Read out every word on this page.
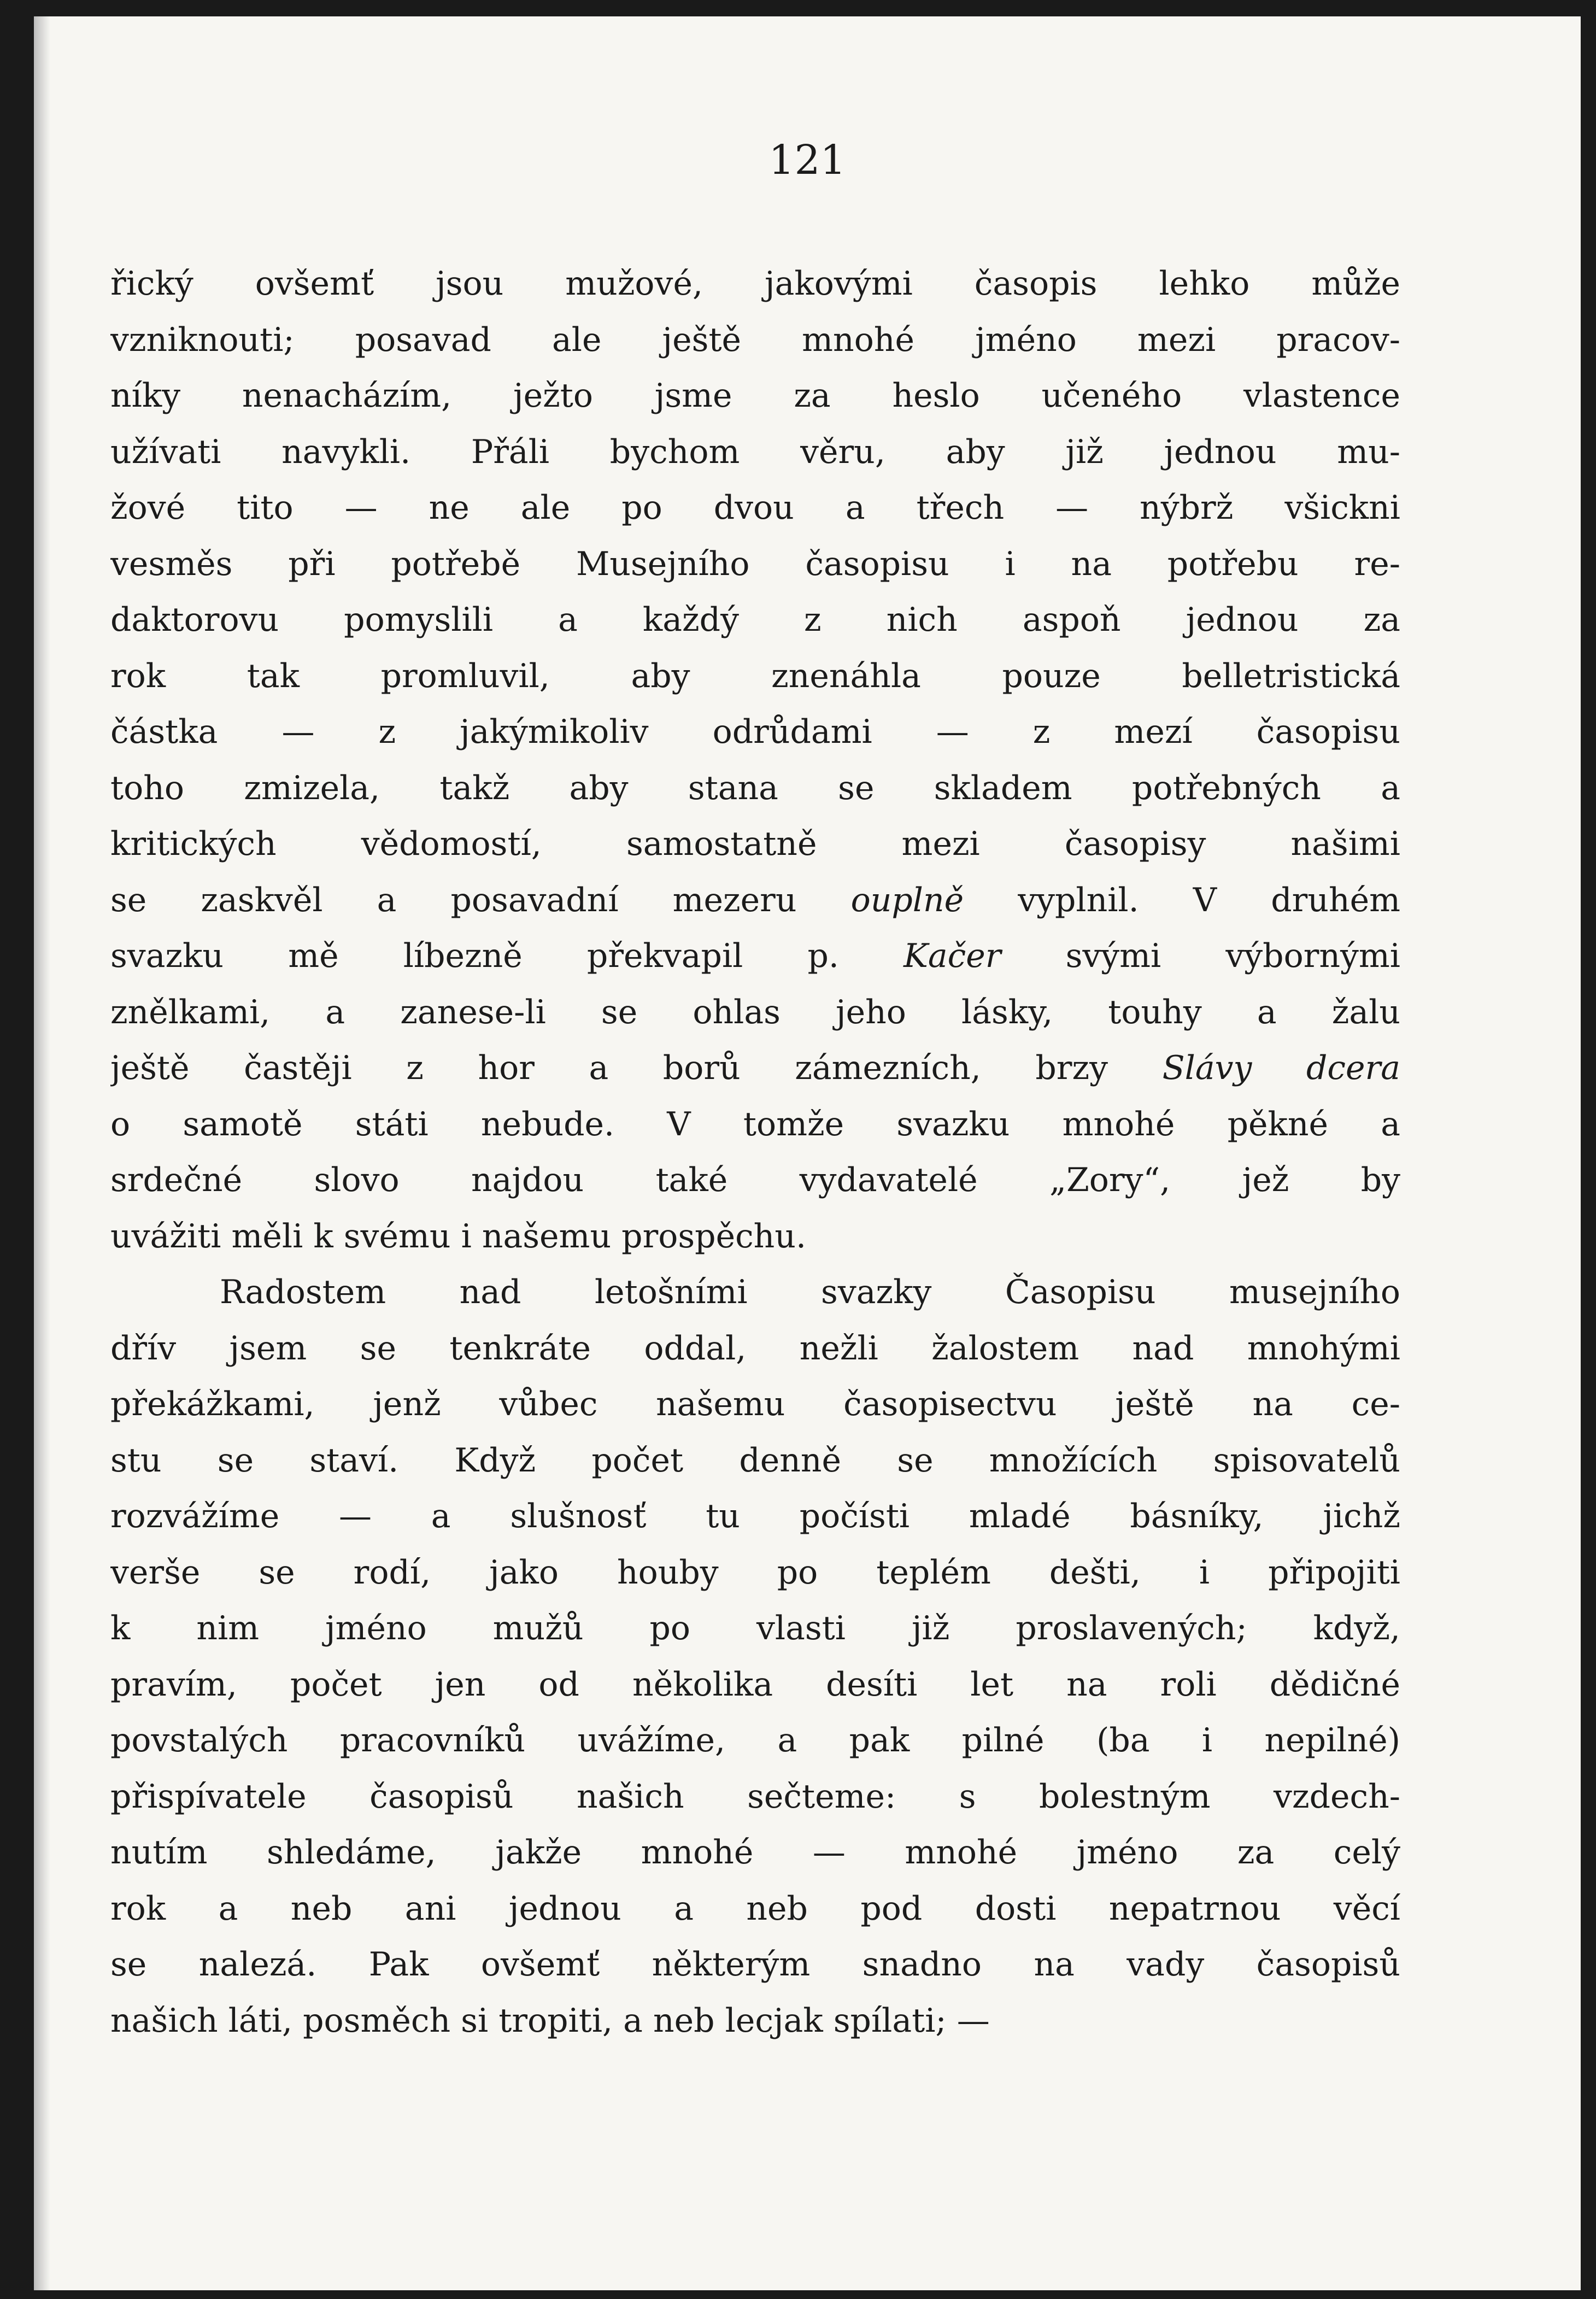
121
řický ovšemť jsou mužové, jakovými časopis lehko může
vzniknouti; posavad ale ještě mnohé jméno mezi pracov-
níky nenacházím, ježto jsme za heslo učeného vlastence
užívati navykli. Přáli bychom věru, aby již jednou mu-
žové tito — ne ale po dvou a třech — nýbrž všickni
vesměs při potřebě Musejního časopisu i na potřebu re-
daktorovu pomyslili a každý z nich aspoň jednou za
rok tak promluvil, aby znenáhla pouze belletristická
částka — z jakýmikoliv odrůdami — z mezí časopisu
toho zmizela, takž aby stana se skladem potřebných a
kritických vědomostí, samostatně mezi časopisy našimi
se zaskvěl a posavadní mezeru ouplně vyplnil. V druhém
svazku mě líbezně překvapil p. Kačer svými výbornými
znělkami, a zanese-li se ohlas jeho lásky, touhy a žalu
ještě častěji z hor a borů zámezních, brzy Slávy dcera
o samotě státi nebude. V tomže svazku mnohé pěkné a
srdečné slovo najdou také vydavatelé „Zory“, jež by
uvážiti měli k svému i našemu prospěchu.
Radostem nad letošními svazky Časopisu musejního
dřív jsem se tenkráte oddal, nežli žalostem nad mnohými
překážkami, jenž vůbec našemu časopisectvu ještě na ce-
stu se staví. Když počet denně se množících spisovatelů
rozvážíme — a slušnosť tu počísti mladé básníky, jichž
verše se rodí, jako houby po teplém dešti, i připojiti
k nim jméno mužů po vlasti již proslavených; když,
pravím, počet jen od několika desíti let na roli dědičné
povstalých pracovníků uvážíme, a pak pilné (ba i nepilné)
přispívatele časopisů našich sečteme: s bolestným vzdech-
nutím shledáme, jakže mnohé — mnohé jméno za celý
rok a neb ani jednou a neb pod dosti nepatrnou věcí
se nalezá. Pak ovšemť některým snadno na vady časopisů
našich láti, posměch si tropiti, a neb lecjak spílati; —
